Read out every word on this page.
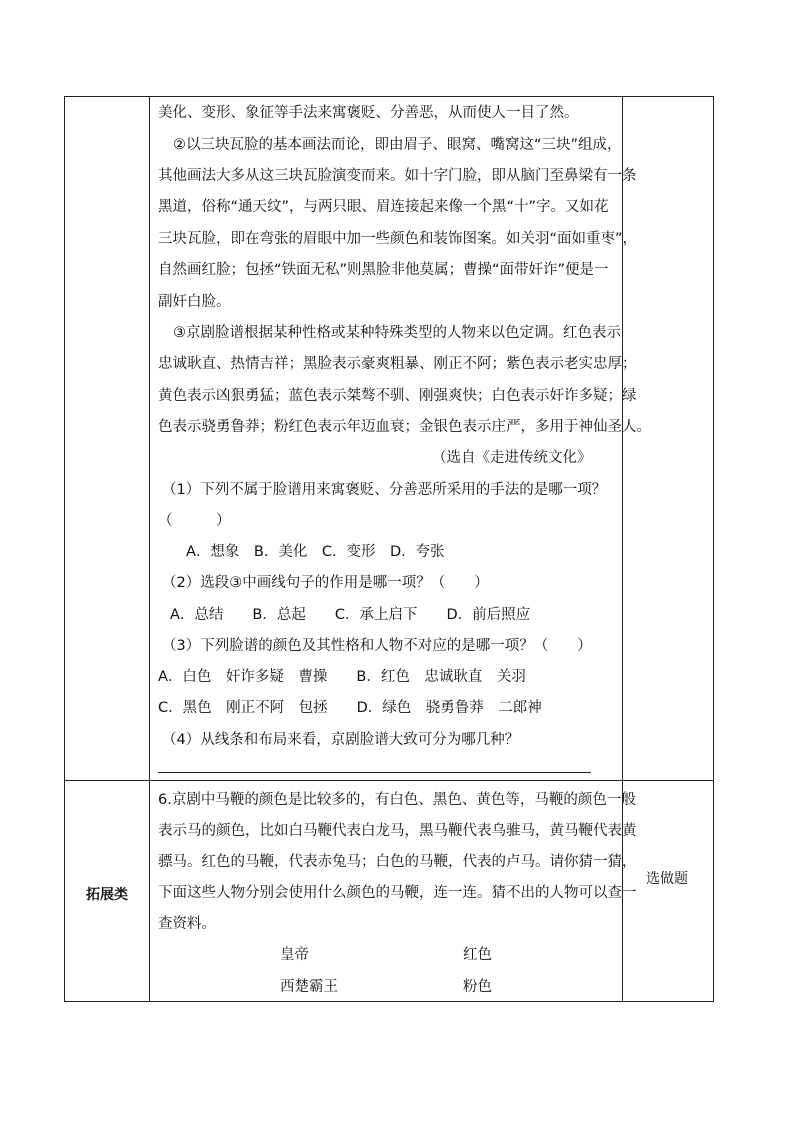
美化、变形、象征等手法来寓褒贬、分善恶，从而使人一目了然。
②以三块瓦脸的基本画法而论，即由眉子、眼窝、嘴窝这“三块”组成，
其他画法大多从这三块瓦脸演变而来。如十字门脸，即从脑门至鼻梁有一条
黑道，俗称“通天纹”，与两只眼、眉连接起来像一个黑“十”字。又如花
三块瓦脸，即在弯张的眉眼中加一些颜色和装饰图案。如关羽“面如重枣”，
自然画红脸；包拯“铁面无私”则黑脸非他莫属；曹操“面带奸诈”便是一
副奸白脸。
③京剧脸谱根据某种性格或某种特殊类型的人物来以色定调。红色表示
忠诚耿直、热情吉祥；黑脸表示豪爽粗暴、刚正不阿；紫色表示老实忠厚；
黄色表示凶狠勇猛；蓝色表示桀骜不驯、刚强爽快；白色表示奸诈多疑；绿
色表示骁勇鲁莽；粉红色表示年迈血衰；金银色表示庄严，多用于神仙圣人。
（选自《走进传统文化》
（1）下列不属于脸谱用来寓褒贬、分善恶所采用的手法的是哪一项？
（　　　）
A．想象　B．美化　C．变形　D．夸张
（2）选段③中画线句子的作用是哪一项？（　　）
A．总结　　B．总起　　C．承上启下　　D．前后照应
（3）下列脸谱的颜色及其性格和人物不对应的是哪一项？（　　）
A．白色　奸诈多疑　曹操　　B．红色　忠诚耿直　关羽
C．黑色　刚正不阿　包拯　　D．绿色　骁勇鲁莽　二郎神
（4）从线条和布局来看，京剧脸谱大致可分为哪几种？
拓展类
选做题
6.京剧中马鞭的颜色是比较多的，有白色、黑色、黄色等，马鞭的颜色一般
表示马的颜色，比如白马鞭代表白龙马，黑马鞭代表乌骓马，黄马鞭代表黄
骠马。红色的马鞭，代表赤兔马；白色的马鞭，代表的卢马。请你猜一猜，
下面这些人物分别会使用什么颜色的马鞭，连一连。猜不出的人物可以查一
查资料。
皇帝	红色
西楚霸王	粉色
